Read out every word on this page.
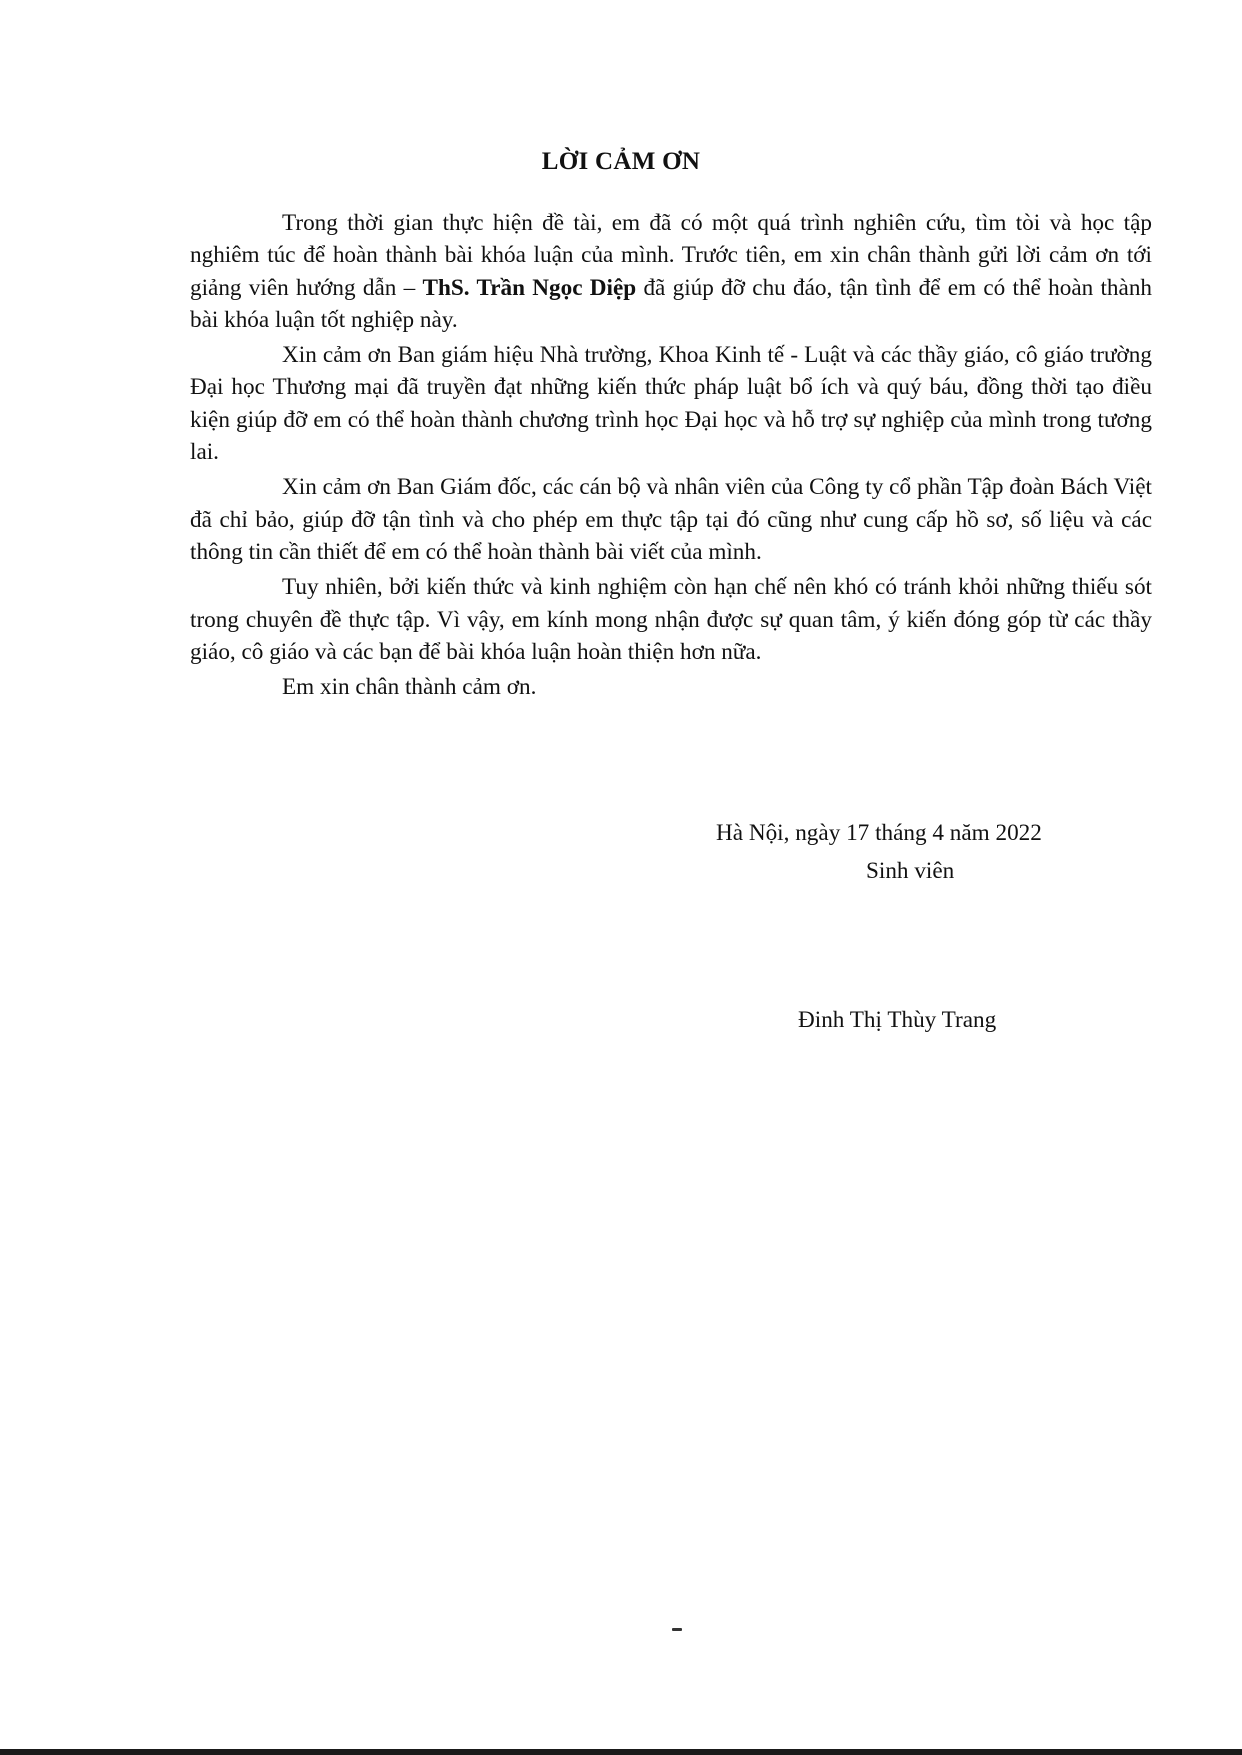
LỜI CẢM ƠN

Trong thời gian thực hiện đề tài, em đã có một quá trình nghiên cứu, tìm tòi và học tập nghiêm túc để hoàn thành bài khóa luận của mình. Trước tiên, em xin chân thành gửi lời cảm ơn tới giảng viên hướng dẫn – ThS. Trần Ngọc Diệp đã giúp đỡ chu đáo, tận tình để em có thể hoàn thành bài khóa luận tốt nghiệp này.

Xin cảm ơn Ban giám hiệu Nhà trường, Khoa Kinh tế - Luật và các thầy giáo, cô giáo trường Đại học Thương mại đã truyền đạt những kiến thức pháp luật bổ ích và quý báu, đồng thời tạo điều kiện giúp đỡ em có thể hoàn thành chương trình học Đại học và hỗ trợ sự nghiệp của mình trong tương lai.

Xin cảm ơn Ban Giám đốc, các cán bộ và nhân viên của Công ty cổ phần Tập đoàn Bách Việt đã chỉ bảo, giúp đỡ tận tình và cho phép em thực tập tại đó cũng như cung cấp hồ sơ, số liệu và các thông tin cần thiết để em có thể hoàn thành bài viết của mình.

Tuy nhiên, bởi kiến thức và kinh nghiệm còn hạn chế nên khó có tránh khỏi những thiếu sót trong chuyên đề thực tập. Vì vậy, em kính mong nhận được sự quan tâm, ý kiến đóng góp từ các thầy giáo, cô giáo và các bạn để bài khóa luận hoàn thiện hơn nữa.

Em xin chân thành cảm ơn.

Hà Nội, ngày 17 tháng 4 năm 2022
Sinh viên
Đinh Thị Thùy Trang
